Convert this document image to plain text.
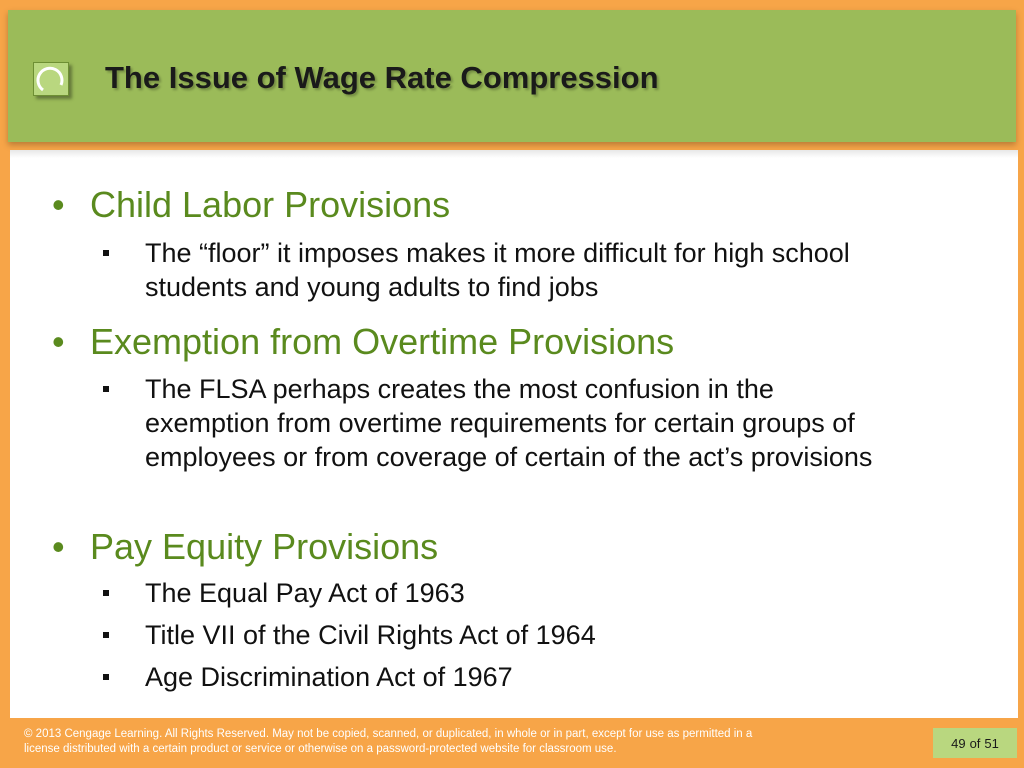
The Issue of Wage Rate Compression
• Child Labor Provisions
The “floor” it imposes makes it more difficult for high school students and young adults to find jobs
• Exemption from Overtime Provisions
The FLSA perhaps creates the most confusion in the exemption from overtime requirements for certain groups of employees or from coverage of certain of the act’s provisions
• Pay Equity Provisions
The Equal Pay Act of 1963
Title VII of the Civil Rights Act of 1964
Age Discrimination Act of 1967
© 2013 Cengage Learning. All Rights Reserved. May not be copied, scanned, or duplicated, in whole or in part, except for use as permitted in a license distributed with a certain product or service or otherwise on a password-protected website for classroom use.	49 of 51
